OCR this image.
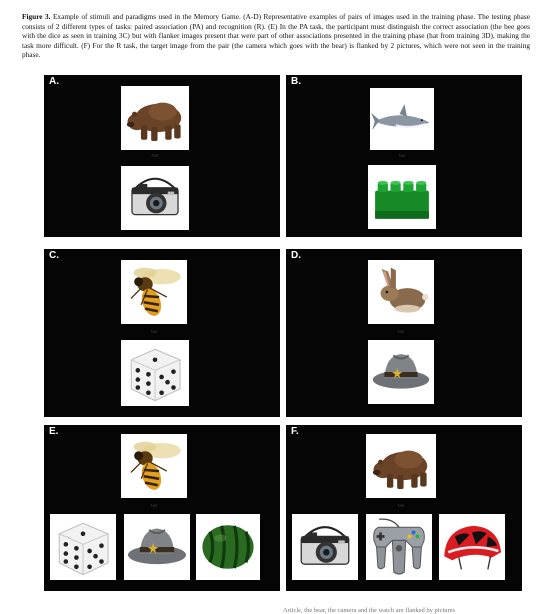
Figure 3. Example of stimuli and paradigms used in the Memory Game. (A-D) Representative examples of pairs of images used in the training phase. The testing phase consists of 2 different types of tasks: paired association (PA) and recognition (R). (E) In the PA task, the participant must distinguish the correct association (the bee goes with the dice as seen in training 3C) but with flanker images present that were part of other associations presented in the training phase (hat from training 3D), making the task more difficult. (F) For the R task, the target image from the pair (the camera which goes with the bear) is flanked by 2 pictures, which were not seen in the training phase.
A.
Net
B.
Net
C.
Net
D.
Net
E.
Net
F.
Net
Article, the bear, the camera and the watch are flanked by pictures
